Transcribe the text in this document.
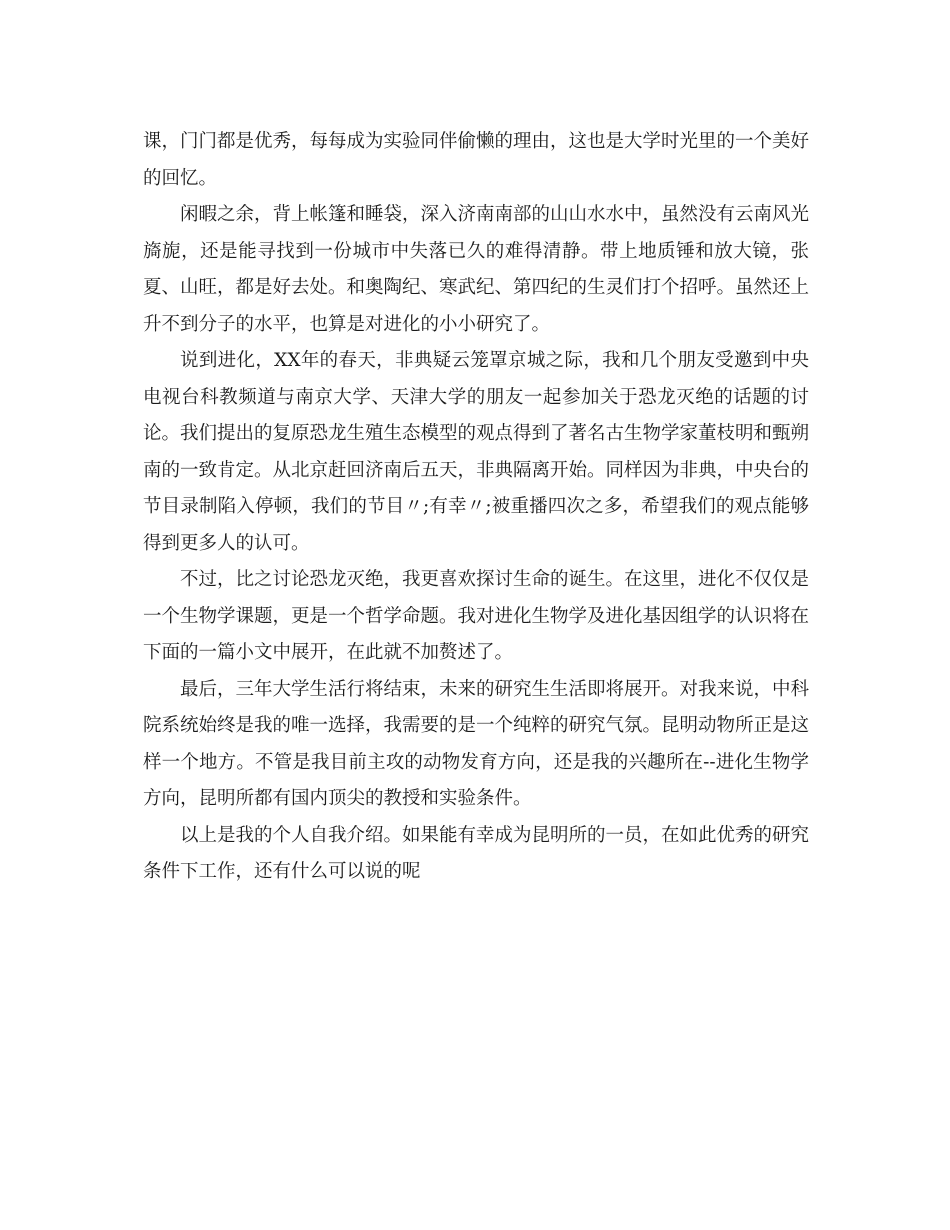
课，门门都是优秀，每每成为实验同伴偷懒的理由，这也是大学时光里的一个美好的回忆。

闲暇之余，背上帐篷和睡袋，深入济南南部的山山水水中，虽然没有云南风光旖旎，还是能寻找到一份城市中失落已久的难得清静。带上地质锤和放大镜，张夏、山旺，都是好去处。和奥陶纪、寒武纪、第四纪的生灵们打个招呼。虽然还上升不到分子的水平，也算是对进化的小小研究了。

说到进化，XX年的春天，非典疑云笼罩京城之际，我和几个朋友受邀到中央电视台科教频道与南京大学、天津大学的朋友一起参加关于恐龙灭绝的话题的讨论。我们提出的复原恐龙生殖生态模型的观点得到了著名古生物学家董枝明和甄朔南的一致肯定。从北京赶回济南后五天，非典隔离开始。同样因为非典，中央台的节目录制陷入停顿，我们的节目〃;有幸〃;被重播四次之多，希望我们的观点能够得到更多人的认可。

不过，比之讨论恐龙灭绝，我更喜欢探讨生命的诞生。在这里，进化不仅仅是一个生物学课题，更是一个哲学命题。我对进化生物学及进化基因组学的认识将在下面的一篇小文中展开，在此就不加赘述了。

最后，三年大学生活行将结束，未来的研究生生活即将展开。对我来说，中科院系统始终是我的唯一选择，我需要的是一个纯粹的研究气氛。昆明动物所正是这样一个地方。不管是我目前主攻的动物发育方向，还是我的兴趣所在--进化生物学方向，昆明所都有国内顶尖的教授和实验条件。

以上是我的个人自我介绍。如果能有幸成为昆明所的一员，在如此优秀的研究条件下工作，还有什么可以说的呢
